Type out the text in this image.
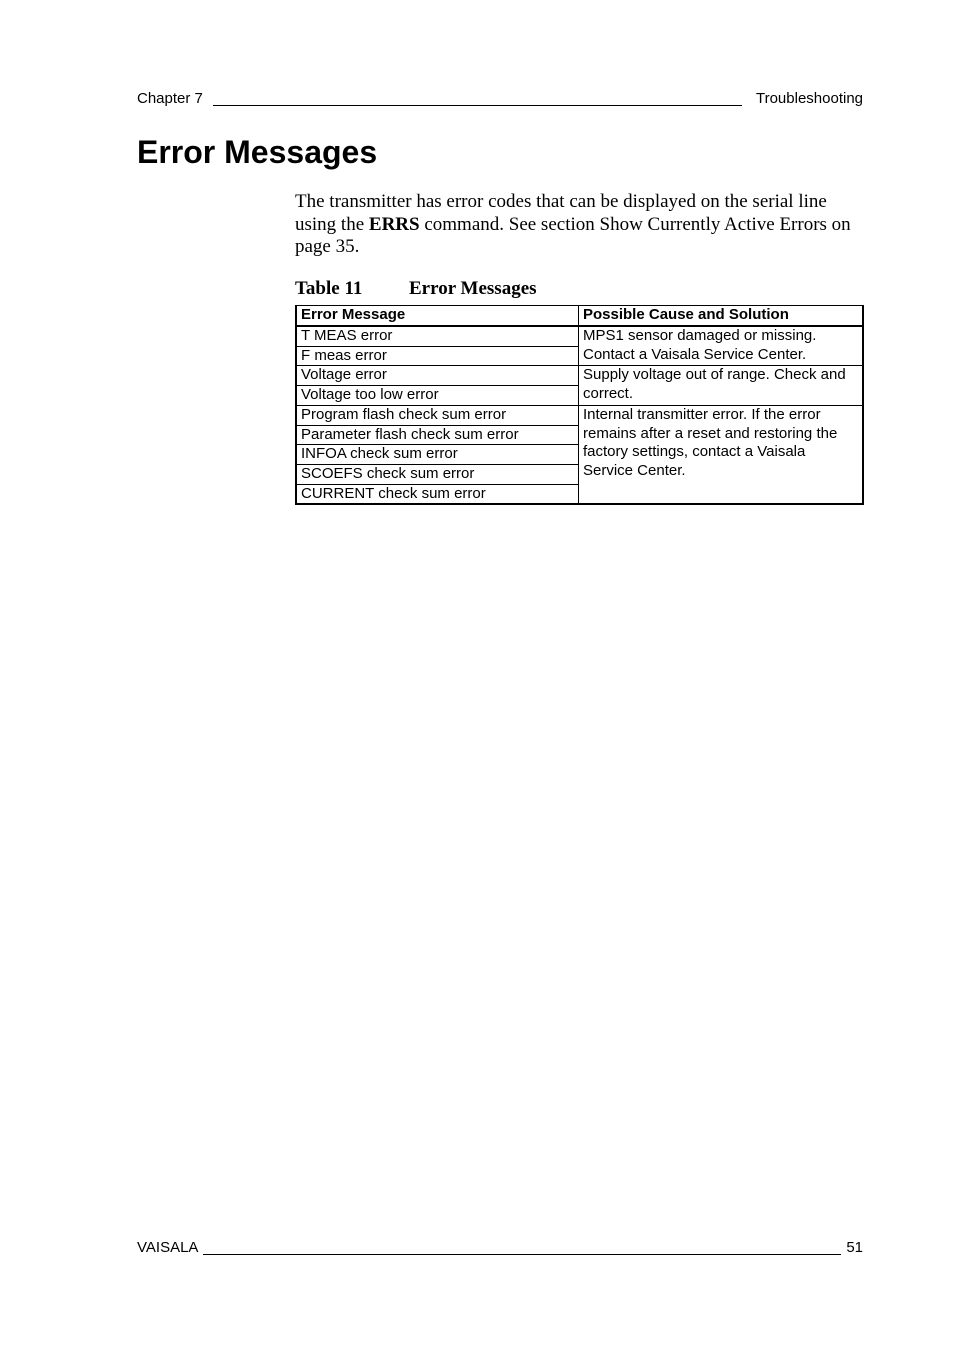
Chapter 7	Troubleshooting
Error Messages

The transmitter has error codes that can be displayed on the serial line using the ERRS command. See section Show Currently Active Errors on page 35.

Table 11 Error Messages

Error Message	Possible Cause and Solution
T MEAS error	MPS1 sensor damaged or missing. Contact a Vaisala Service Center.
F meas error	
Voltage error	Supply voltage out of range. Check and correct.
Voltage too low error	
Program flash check sum error	Internal transmitter error. If the error remains after a reset and restoring the factory settings, contact a Vaisala Service Center.
Parameter flash check sum error	
INFOA check sum error	
SCOEFS check sum error	
CURRENT check sum error	
VAISALA	51
